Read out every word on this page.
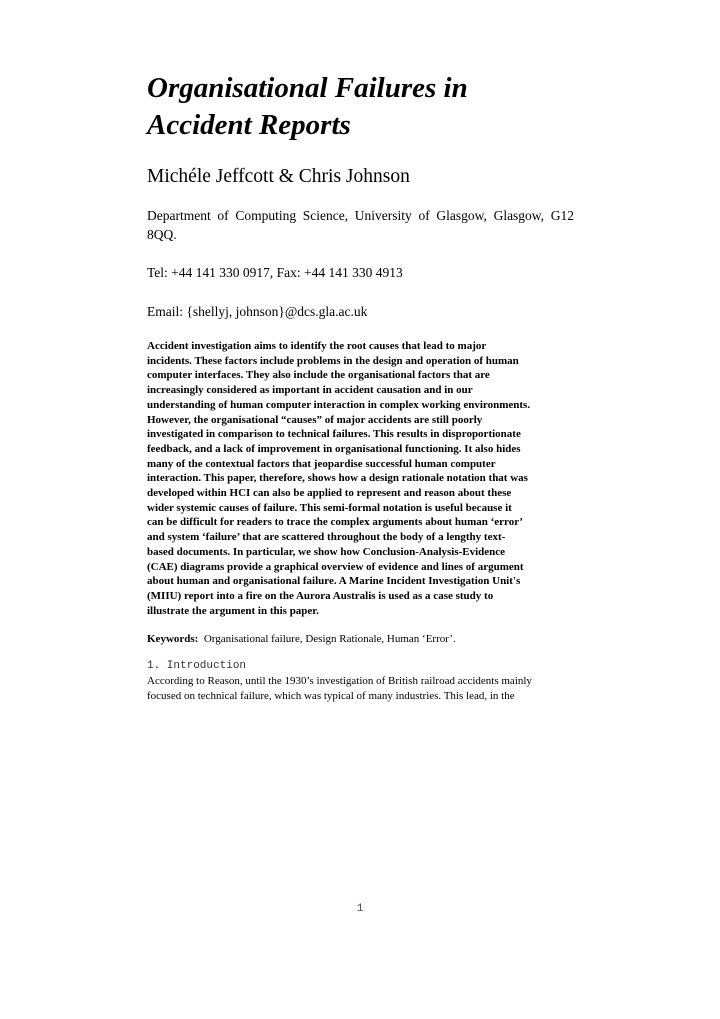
Organisational Failures in
Accident Reports

Michéle Jeffcott & Chris Johnson

Department of Computing Science, University of Glasgow, Glasgow, G12 8QQ.

Tel: +44 141 330 0917, Fax: +44 141 330 4913

Email: {shellyj, johnson}@dcs.gla.ac.uk

Accident investigation aims to identify the root causes that lead to major
incidents. These factors include problems in the design and operation of human
computer interfaces. They also include the organisational factors that are
increasingly considered as important in accident causation and in our
understanding of human computer interaction in complex working environments.
However, the organisational “causes” of major accidents are still poorly
investigated in comparison to technical failures. This results in disproportionate
feedback, and a lack of improvement in organisational functioning. It also hides
many of the contextual factors that jeopardise successful human computer
interaction. This paper, therefore, shows how a design rationale notation that was
developed within HCI can also be applied to represent and reason about these
wider systemic causes of failure. This semi-formal notation is useful because it
can be difficult for readers to trace the complex arguments about human ‘error’
and system ‘failure’ that are scattered throughout the body of a lengthy text-
based documents. In particular, we show how Conclusion-Analysis-Evidence
(CAE) diagrams provide a graphical overview of evidence and lines of argument
about human and organisational failure. A Marine Incident Investigation Unit's
(MIIU) report into a fire on the Aurora Australis is used as a case study to
illustrate the argument in this paper.

Keywords: Organisational failure, Design Rationale, Human ‘Error’.

1. Introduction

According to Reason, until the 1930’s investigation of British railroad accidents mainly
focused on technical failure, which was typical of many industries. This lead, in the

1
